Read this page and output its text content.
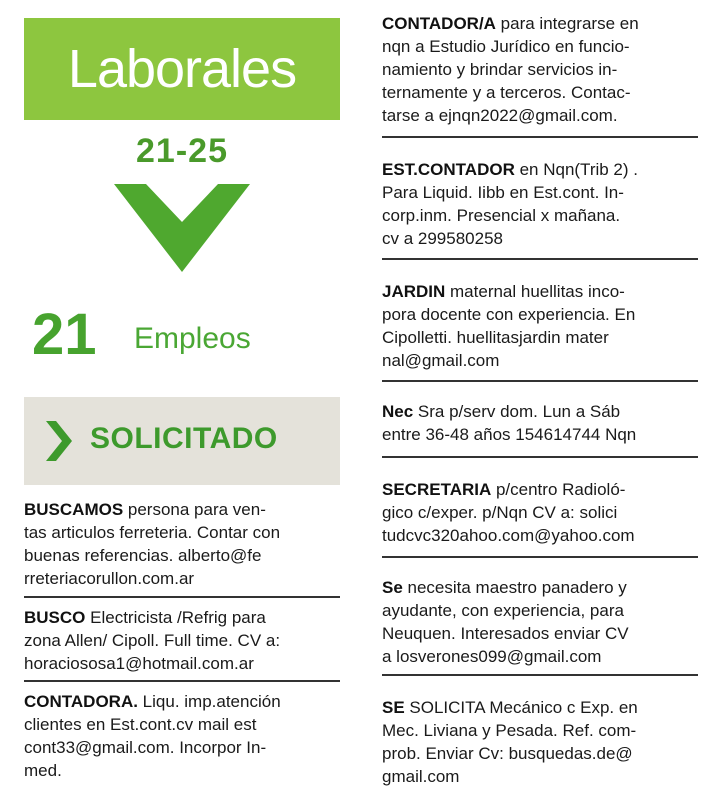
Laborales
21-25
21 Empleos
SOLICITADO
BUSCAMOS persona para ven-
tas articulos ferreteria. Contar con
buenas referencias. alberto@fe
rreteriacorullon.com.ar
BUSCO Electricista /Refrig para
zona Allen/ Cipoll. Full time. CV a:
horaciososa1@hotmail.com.ar
CONTADORA. Liqu. imp.atención
clientes en Est.cont.cv mail est
cont33@gmail.com. Incorpor In-
med.
CONTADOR/A para integrarse en
nqn a Estudio Jurídico en funcio-
namiento y brindar servicios in-
ternamente y a terceros. Contac-
tarse a ejnqn2022@gmail.com.
EST.CONTADOR en Nqn(Trib 2) .
Para Liquid. Iibb en Est.cont. In-
corp.inm. Presencial x mañana.
cv a 299580258
JARDIN maternal huellitas inco-
pora docente con experiencia. En
Cipolletti. huellitasjardin mater
nal@gmail.com
Nec Sra p/serv dom. Lun a Sáb
entre 36-48 años 154614744 Nqn
SECRETARIA p/centro Radioló-
gico c/exper. p/Nqn CV a: solici
tudcvc320ahoo.com@yahoo.com
Se necesita maestro panadero y
ayudante, con experiencia, para
Neuquen. Interesados enviar CV
a losverones099@gmail.com
SE SOLICITA Mecánico c Exp. en
Mec. Liviana y Pesada. Ref. com-
prob. Enviar Cv: busquedas.de@
gmail.com
